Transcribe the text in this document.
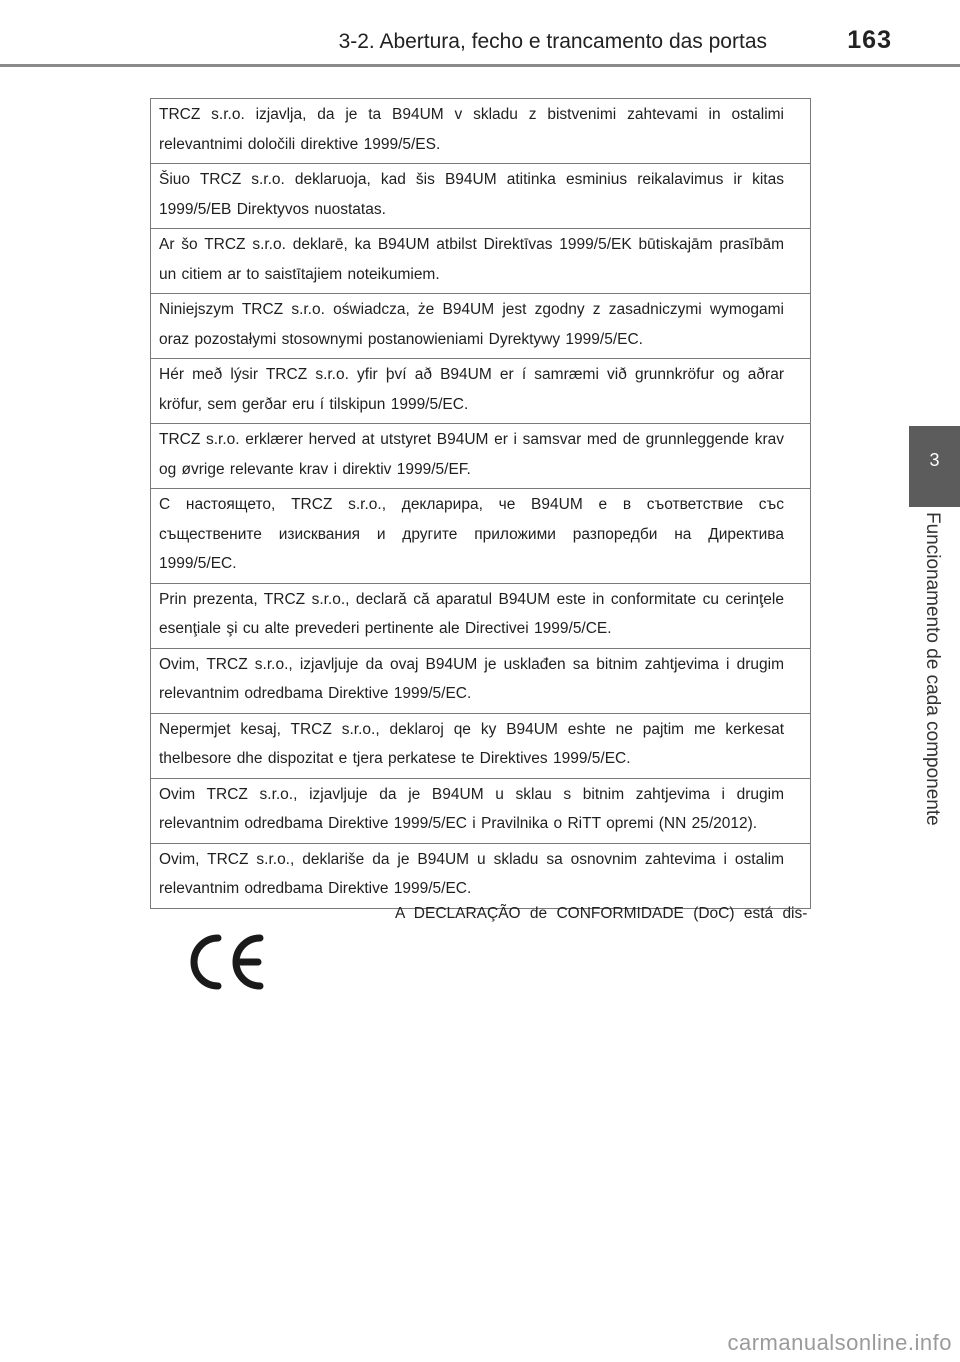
3-2. Abertura, fecho e trancamento das portas	163
3
Funcionamento de cada componente
TRCZ s.r.o. izjavlja, da je ta B94UM v skladu z bistvenimi zahtevami in ostalimi relevantnimi določili direktive 1999/5/ES.
Šiuo TRCZ s.r.o. deklaruoja, kad šis B94UM atitinka esminius reikalavimus ir kitas 1999/5/EB Direktyvos nuostatas.
Ar šo TRCZ s.r.o. deklarē, ka B94UM atbilst Direktīvas 1999/5/EK būtiskajām prasībām un citiem ar to saistītajiem noteikumiem.
Niniejszym TRCZ s.r.o. oświadcza, że B94UM jest zgodny z zasadniczymi wymogami oraz pozostałymi stosownymi postanowieniami Dyrektywy 1999/5/EC.
Hér með lýsir TRCZ s.r.o. yfir því að B94UM er í samræmi við grunnkröfur og aðrar kröfur, sem gerðar eru í tilskipun 1999/5/EC.
TRCZ s.r.o. erklærer herved at utstyret B94UM er i samsvar med de grunnleggende krav og øvrige relevante krav i direktiv 1999/5/EF.
С настоящето, TRCZ s.r.o., декларира, че B94UM е в съответствие със съществените изисквания и другите приложими разпоредби на Директива 1999/5/EC.
Prin prezenta, TRCZ s.r.o., declară că aparatul B94UM este in conformitate cu cerinţele esenţiale şi cu alte prevederi pertinente ale Directivei 1999/5/CE.
Ovim, TRCZ s.r.o., izjavljuje da ovaj B94UM je usklađen sa bitnim zahtjevima i drugim relevantnim odredbama Direktive 1999/5/EC.
Nepermjet kesaj, TRCZ s.r.o., deklaroj qe ky B94UM eshte ne pajtim me kerkesat thelbesore dhe dispozitat e tjera perkatese te Direktives 1999/5/EC.
Ovim TRCZ s.r.o., izjavljuje da je B94UM u sklau s bitnim zahtjevima i drugim relevantnim odredbama Direktive 1999/5/EC i Pravilnika o RiTT opremi (NN 25/2012).
Ovim, TRCZ s.r.o., deklariše da je B94UM u skladu sa osnovnim zahtevima i ostalim relevantnim odredbama Direktive 1999/5/EC.
A DECLARAÇÃO de CONFORMIDADE (DoC) está dis-
carmanualsonline.info
